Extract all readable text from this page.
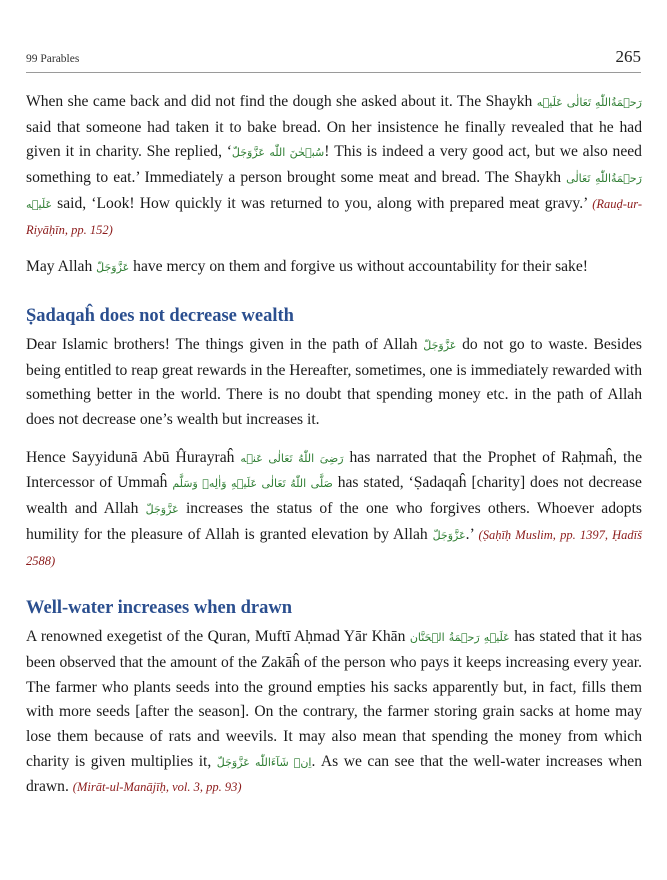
99 Parables	265

When she came back and did not find the dough she asked about it. The Shaykh رَحۡمَةُاللّٰهِ تَعَالٰی عَلَيۡه said that someone had taken it to bake bread. On her insistence he finally revealed that he had given it in charity. She replied, ‘سُبۡحٰنَ اللّٰه عَزَّوَجَلّ! This is indeed a very good act, but we also need something to eat.’ Immediately a person brought some meat and bread. The Shaykh رَحۡمَةُاللّٰهِ تَعَالٰی عَلَيۡه said, ‘Look! How quickly it was returned to you, along with prepared meat gravy.’ (Rauḍ-ur-Riyāḥīn, pp. 152)

May Allah عَزَّوَجَلّ have mercy on them and forgive us without accountability for their sake!

Ṣadaqaĥ does not decrease wealth

Dear Islamic brothers! The things given in the path of Allah عَزَّوَجَلّ do not go to waste. Besides being entitled to reap great rewards in the Hereafter, sometimes, one is immediately rewarded with something better in the world. There is no doubt that spending money etc. in the path of Allah does not decrease one’s wealth but increases it.

Hence Sayyidunā Abū Ĥurayraĥ رَضِیَ اللّٰهُ تَعَالٰی عَنۡه has narrated that the Prophet of Raḥmaĥ, the Intercessor of Ummaĥ صَلَّی اللّٰهُ تَعَالٰی عَلَيۡهِ وَاٰلِهٖ وَسَلَّم has stated, ‘Ṣadaqaĥ [charity] does not decrease wealth and Allah عَزَّوَجَلّ increases the status of the one who forgives others. Whoever adopts humility for the pleasure of Allah is granted elevation by Allah عَزَّوَجَلّ.’ (Ṣaḥīḥ Muslim, pp. 1397, Ḥadīš 2588)

Well-water increases when drawn

A renowned exegetist of the Quran, Muftī Aḥmad Yār Khān عَلَيۡهِ رَحۡمَةُ الۡحَنَّان has stated that it has been observed that the amount of the Zakāĥ of the person who pays it keeps increasing every year. The farmer who plants seeds into the ground empties his sacks apparently but, in fact, fills them with more seeds [after the season]. On the contrary, the farmer storing grain sacks at home may lose them because of rats and weevils. It may also mean that spending the money from which charity is given multiplies it, اِنۡ شَآءَاللّٰه عَزَّوَجَلّ. As we can see that the well-water increases when drawn. (Mirāt-ul-Manājīḥ, vol. 3, pp. 93)
